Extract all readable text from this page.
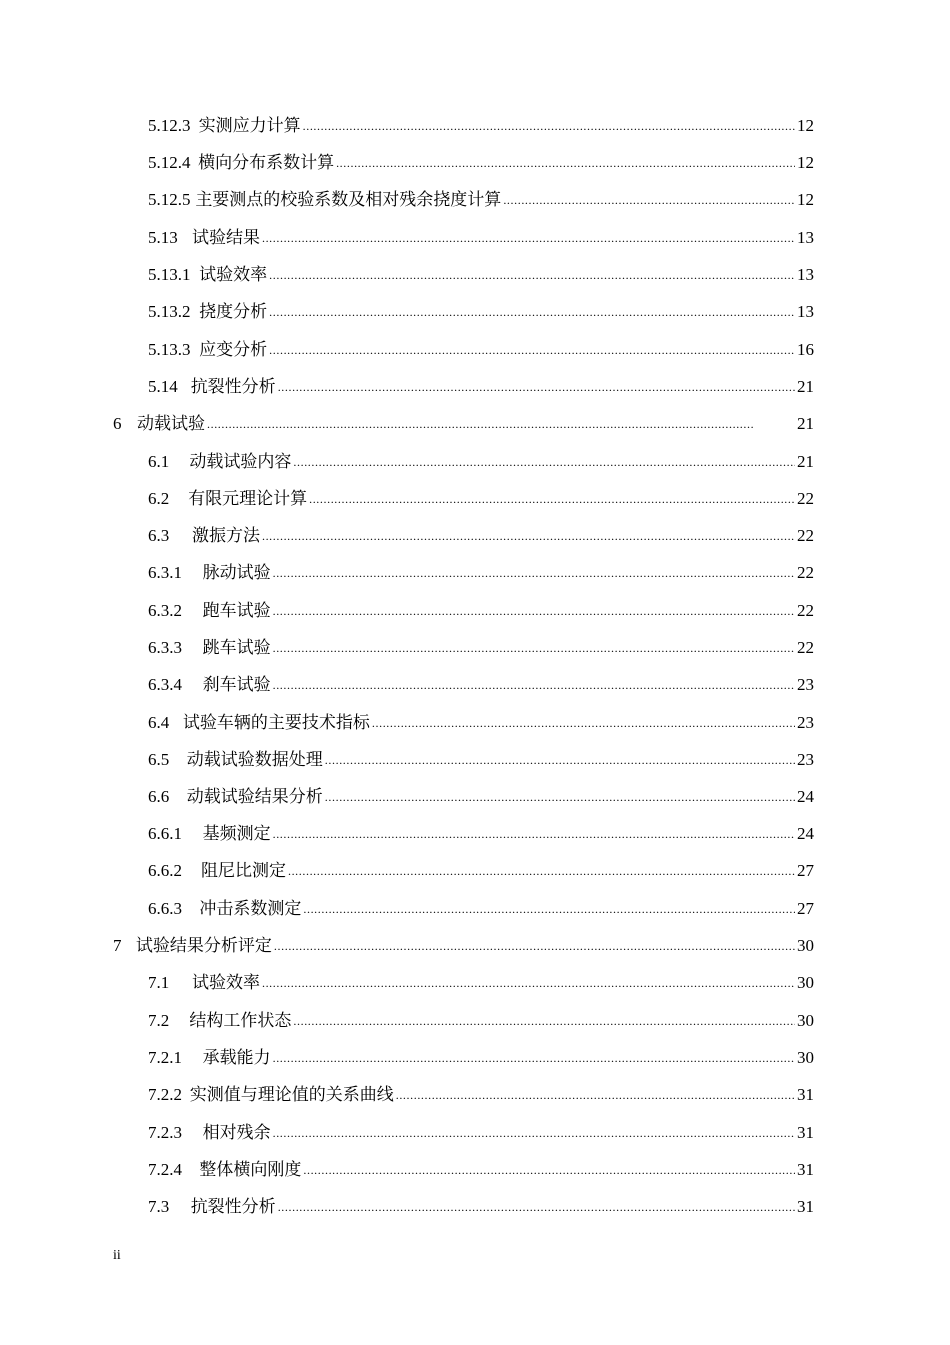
5.12.3 实测应力计算 . . .	12
5.12.4 横向分布系数计算 . . .	12
5.12.5 主要测点的校验系数及相对残余挠度计算 . . .	12
5.13 试验结果 . . .	13
5.13.1 试验效率 . . .	13
5.13.2 挠度分析 . . .	13
5.13.3 应变分析 . . .	16
5.14 抗裂性分析 . . .	21
6 动载试验 . . .	21
6.1	动载试验内容 . . .	21
6.2	有限元理论计算 . . .	22
6.3	激振方法 . . .	22
6.3.1	脉动试验 . . .	22
6.3.2	跑车试验 . . .	22
6.3.3	跳车试验 . . .	22
6.3.4	刹车试验 . . .	23
6.4 试验车辆的主要技术指标 . . .	23
6.5	动载试验数据处理 . . .	23
6.6	动载试验结果分析 . . .	24
6.6.1	基频测定 . . .	24
6.6.2	阻尼比测定 . . .	27
6.6.3	冲击系数测定 . . .	27
7 试验结果分析评定 . . .	30
7.1	试验效率 . . .	30
7.2	结构工作状态 . . .	30
7.2.1	承载能力 . . .	30
7.2.2 实测值与理论值的关系曲线 . . .	31
7.2.3	相对残余 . . .	31
7.2.4	整体横向刚度 . . .	31
7.3	抗裂性分析 . . .	31
ii
